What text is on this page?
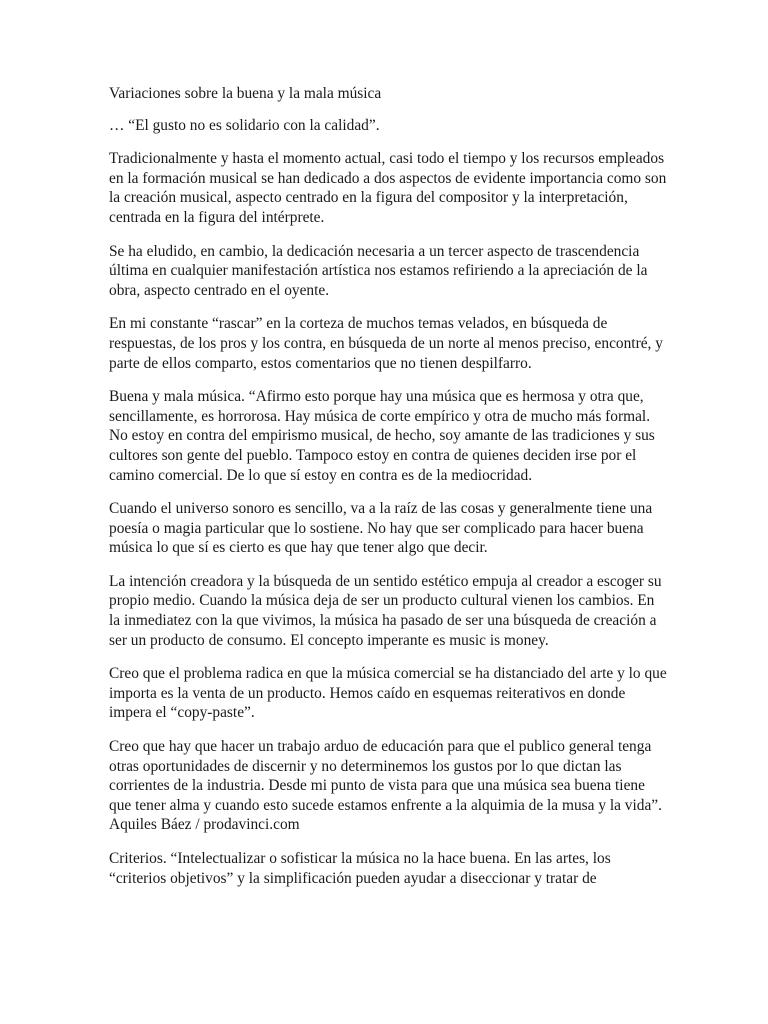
Variaciones sobre la buena y la mala música

… “El gusto no es solidario con la calidad”.

Tradicionalmente y hasta el momento actual, casi todo el tiempo y los recursos empleados en la formación musical se han dedicado a dos aspectos de evidente importancia como son la creación musical, aspecto centrado en la figura del compositor y la interpretación, centrada en la figura del intérprete.

Se ha eludido, en cambio, la dedicación necesaria a un tercer aspecto de trascendencia última en cualquier manifestación artística nos estamos refiriendo a la apreciación de la obra, aspecto centrado en el oyente.

En mi constante “rascar” en la corteza de muchos temas velados, en búsqueda de respuestas, de los pros y los contra, en búsqueda de un norte al menos preciso, encontré, y parte de ellos comparto, estos comentarios que no tienen despilfarro.

Buena y mala música. “Afirmo esto porque hay una música que es hermosa y otra que, sencillamente, es horrorosa. Hay música de corte empírico y otra de mucho más formal. No estoy en contra del empirismo musical, de hecho, soy amante de las tradiciones y sus cultores son gente del pueblo. Tampoco estoy en contra de quienes deciden irse por el camino comercial. De lo que sí estoy en contra es de la mediocridad.

Cuando el universo sonoro es sencillo, va a la raíz de las cosas y generalmente tiene una poesía o magia particular que lo sostiene. No hay que ser complicado para hacer buena música lo que sí es cierto es que hay que tener algo que decir.

La intención creadora y la búsqueda de un sentido estético empuja al creador a escoger su propio medio. Cuando la música deja de ser un producto cultural vienen los cambios. En la inmediatez con la que vivimos, la música ha pasado de ser una búsqueda de creación a ser un producto de consumo. El concepto imperante es music is money.

Creo que el problema radica en que la música comercial se ha distanciado del arte y lo que importa es la venta de un producto. Hemos caído en esquemas reiterativos en donde impera el “copy-paste”.

Creo que hay que hacer un trabajo arduo de educación para que el publico general tenga otras oportunidades de discernir y no determinemos los gustos por lo que dictan las corrientes de la industria. Desde mi punto de vista para que una música sea buena tiene que tener alma y cuando esto sucede estamos enfrente a la alquimia de la musa y la vida”. Aquiles Báez / prodavinci.com

Criterios. “Intelectualizar o sofisticar la música no la hace buena. En las artes, los “criterios objetivos” y la simplificación pueden ayudar a diseccionar y tratar de
